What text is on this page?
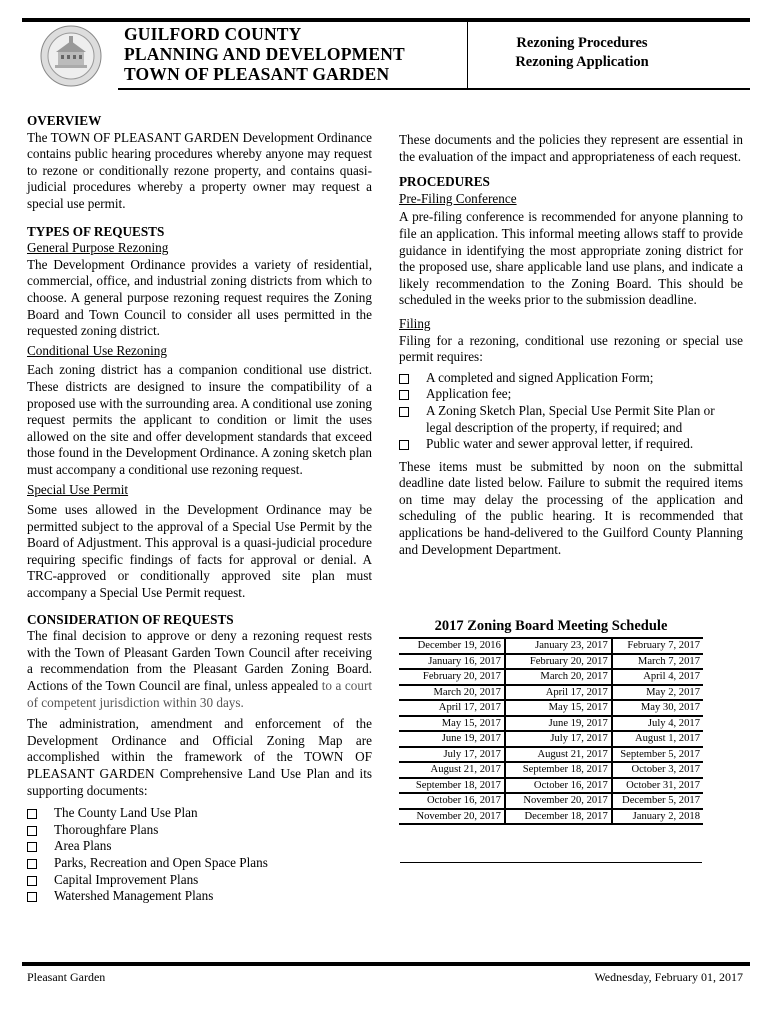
GUILFORD COUNTY
PLANNING AND DEVELOPMENT
TOWN OF PLEASANT GARDEN
Rezoning Procedures
Rezoning Application

OVERVIEW

The TOWN OF PLEASANT GARDEN Development Ordinance contains public hearing procedures whereby anyone may request to rezone or conditionally rezone property, and contains quasi-judicial procedures whereby a property owner may request a special use permit.

TYPES OF REQUESTS

General Purpose Rezoning

The Development Ordinance provides a variety of residential, commercial, office, and industrial zoning districts from which to choose. A general purpose rezoning request requires the Zoning Board and Town Council to consider all uses permitted in the requested zoning district.

Conditional Use Rezoning

Each zoning district has a companion conditional use district. These districts are designed to insure the compatibility of a proposed use with the surrounding area. A conditional use zoning request permits the applicant to condition or limit the uses allowed on the site and offer development standards that exceed those found in the Development Ordinance. A zoning sketch plan must accompany a conditional use rezoning request.

Special Use Permit

Some uses allowed in the Development Ordinance may be permitted subject to the approval of a Special Use Permit by the Board of Adjustment. This approval is a quasi-judicial procedure requiring specific findings of facts for approval or denial. A TRC-approved or conditionally approved site plan must accompany a Special Use Permit request.

CONSIDERATION OF REQUESTS

The final decision to approve or deny a rezoning request rests with the Town of Pleasant Garden Town Council after receiving a recommendation from the Pleasant Garden Zoning Board. Actions of the Town Council are final, unless appealed to a court of competent jurisdiction within 30 days.

The administration, amendment and enforcement of the Development Ordinance and Official Zoning Map are accomplished within the framework of the TOWN OF PLEASANT GARDEN Comprehensive Land Use Plan and its supporting documents:

The County Land Use Plan
Thoroughfare Plans
Area Plans
Parks, Recreation and Open Space Plans
Capital Improvement Plans
Watershed Management Plans

These documents and the policies they represent are essential in the evaluation of the impact and appropriateness of each request.

PROCEDURES

Pre-Filing Conference

A pre-filing conference is recommended for anyone planning to file an application. This informal meeting allows staff to provide guidance in identifying the most appropriate zoning district for the proposed use, share applicable land use plans, and indicate a likely recommendation to the Zoning Board. This should be scheduled in the weeks prior to the submission deadline.

Filing

Filing for a rezoning, conditional use rezoning or special use permit requires:

A completed and signed Application Form;
Application fee;
A Zoning Sketch Plan, Special Use Permit Site Plan or legal description of the property, if required; and
Public water and sewer approval letter, if required.

These items must be submitted by noon on the submittal deadline date listed below. Failure to submit the required items on time may delay the processing of the application and scheduling of the public hearing. It is recommended that applications be hand-delivered to the Guilford County Planning and Development Department.

2017 Zoning Board Meeting Schedule
December 19, 2016	January 23, 2017	February 7, 2017
January 16, 2017	February 20, 2017	March 7, 2017
February 20, 2017	March 20, 2017	April 4, 2017
March 20, 2017	April 17, 2017	May 2, 2017
April 17, 2017	May 15, 2017	May 30, 2017
May 15, 2017	June 19, 2017	July 4, 2017
June 19, 2017	July 17, 2017	August 1, 2017
July 17, 2017	August 21, 2017	September 5, 2017
August 21, 2017	September 18, 2017	October 3, 2017
September 18, 2017	October 16, 2017	October 31, 2017
October 16, 2017	November 20, 2017	December 5, 2017
November 20, 2017	December 18, 2017	January 2, 2018
Pleasant Garden	Wednesday, February 01, 2017
